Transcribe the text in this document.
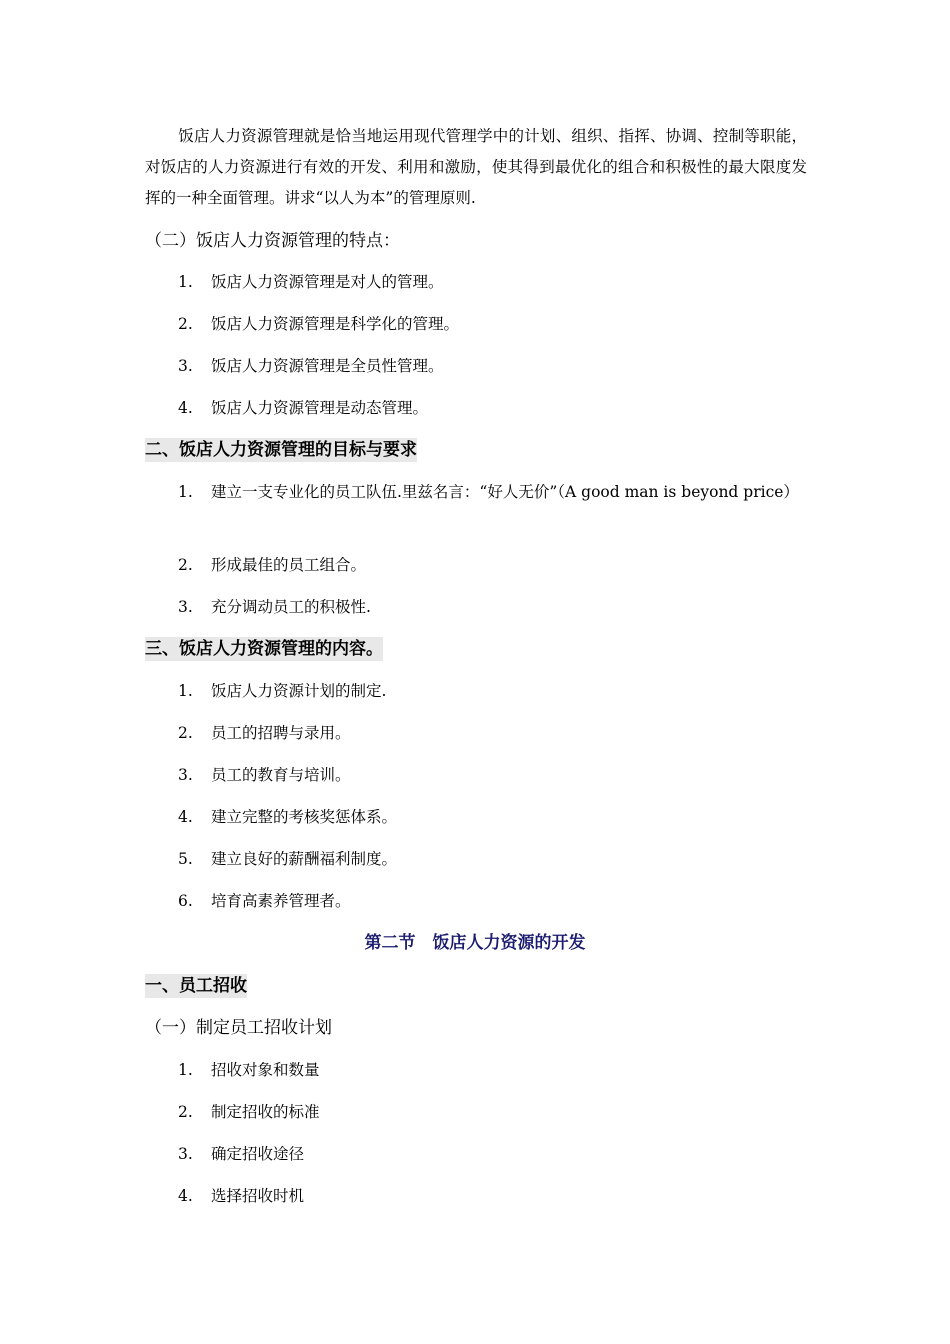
饭店人力资源管理就是恰当地运用现代管理学中的计划、组织、指挥、协调、控制等职能，对饭店的人力资源进行有效的开发、利用和激励，使其得到最优化的组合和积极性的最大限度发挥的一种全面管理。讲求“以人为本”的管理原则.

（二）饭店人力资源管理的特点：
1.	饭店人力资源管理是对人的管理。
2.	饭店人力资源管理是科学化的管理。
3.	饭店人力资源管理是全员性管理。
4.	饭店人力资源管理是动态管理。
二、饭店人力资源管理的目标与要求
1.	建立一支专业化的员工队伍.里兹名言：“好人无价”（A good man is beyond price）
2.	形成最佳的员工组合。
3.	充分调动员工的积极性.
三、饭店人力资源管理的内容。
1.	饭店人力资源计划的制定.
2.	员工的招聘与录用。
3.	员工的教育与培训。
4.	建立完整的考核奖惩体系。
5.	建立良好的薪酬福利制度。
6.	培育高素养管理者。
第二节　饭店人力资源的开发
一、员工招收
（一）制定员工招收计划
1.	招收对象和数量
2.	制定招收的标准
3.	确定招收途径
4.	选择招收时机
